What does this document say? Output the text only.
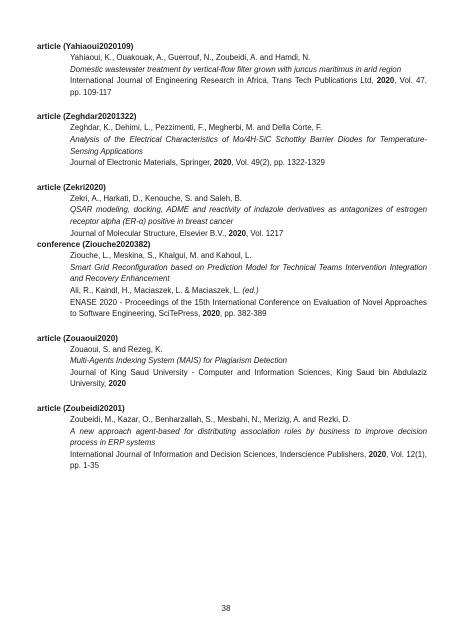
article (Yahiaoui2020109)
Yahiaoui, K., Ouakouak, A., Guerrouf, N., Zoubeidi, A. and Hamdi, N.
Domestic wastewater treatment by vertical-flow filter grown with juncus maritimus in arid region
International Journal of Engineering Research in Africa, Trans Tech Publications Ltd, 2020, Vol. 47, pp. 109-117
article (Zeghdar20201322)
Zeghdar, K., Dehimi, L., Pezzimenti, F., Megherbi, M. and Della Corte, F.
Analysis of the Electrical Characteristics of Mo/4H-SiC Schottky Barrier Diodes for Temperature-Sensing Applications
Journal of Electronic Materials, Springer, 2020, Vol. 49(2), pp. 1322-1329
article (Zekri2020)
Zekri, A., Harkati, D., Kenouche, S. and Saleh, B.
QSAR modeling, docking, ADME and reactivity of indazole derivatives as antagonizes of estrogen receptor alpha (ER-α) positive in breast cancer
Journal of Molecular Structure, Elsevier B.V., 2020, Vol. 1217
conference (Ziouche2020382)
Ziouche, L., Meskina, S., Khalgui, M. and Kahoul, L.
Smart Grid Reconfiguration based on Prediction Model for Technical Teams Intervention Integration and Recovery Enhancement
Ali, R., Kaindl, H., Maciaszek, L. & Maciaszek, L. (ed.)
ENASE 2020 - Proceedings of the 15th International Conference on Evaluation of Novel Approaches to Software Engineering, SciTePress, 2020, pp. 382-389
article (Zouaoui2020)
Zouaoui, S. and Rezeg, K.
Multi-Agents Indexing System (MAIS) for Plagiarism Detection
Journal of King Saud University - Computer and Information Sciences, King Saud bin Abdulaziz University, 2020
article (Zoubeidi20201)
Zoubeidi, M., Kazar, O., Benharzallah, S., Mesbahi, N., Merizig, A. and Rezki, D.
A new approach agent-based for distributing association rules by business to improve decision process in ERP systems
International Journal of Information and Decision Sciences, Inderscience Publishers, 2020, Vol. 12(1), pp. 1-35
38
